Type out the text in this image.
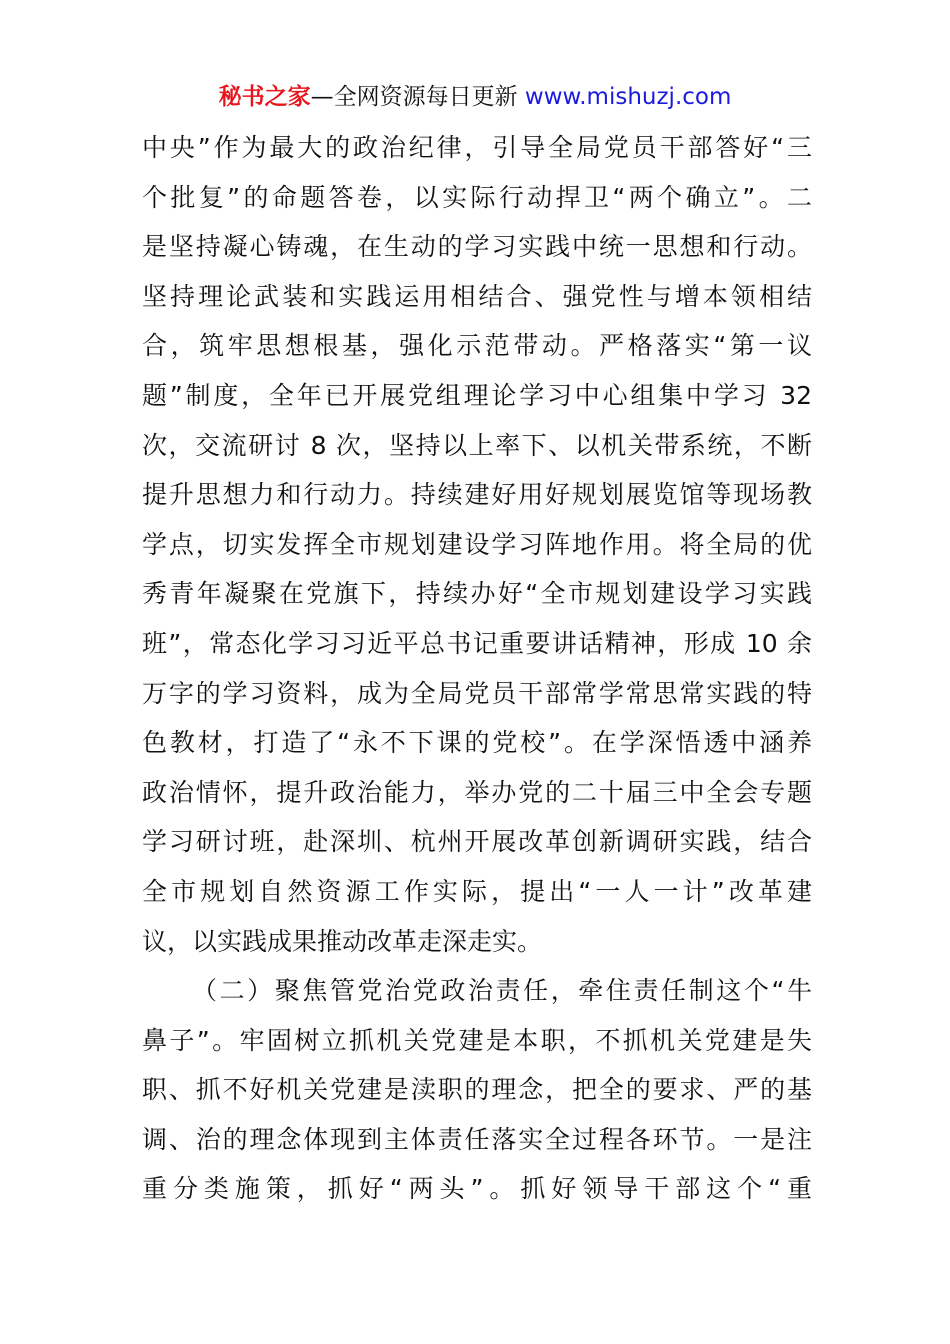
秘书之家—全网资源每日更新 www.mishuzj.com
中央”作为最大的政治纪律，引导全局党员干部答好“三
个批复”的命题答卷，以实际行动捍卫“两个确立”。二
是坚持凝心铸魂，在生动的学习实践中统一思想和行动。
坚持理论武装和实践运用相结合、强党性与增本领相结
合，筑牢思想根基，强化示范带动。严格落实“第一议
题”制度，全年已开展党组理论学习中心组集中学习 32
次，交流研讨 8 次，坚持以上率下、以机关带系统，不断
提升思想力和行动力。持续建好用好规划展览馆等现场教
学点，切实发挥全市规划建设学习阵地作用。将全局的优
秀青年凝聚在党旗下，持续办好“全市规划建设学习实践
班”，常态化学习习近平总书记重要讲话精神，形成 10 余
万字的学习资料，成为全局党员干部常学常思常实践的特
色教材，打造了“永不下课的党校”。在学深悟透中涵养
政治情怀，提升政治能力，举办党的二十届三中全会专题
学习研讨班，赴深圳、杭州开展改革创新调研实践，结合
全市规划自然资源工作实际，提出“一人一计”改革建
议，以实践成果推动改革走深走实。
（二）聚焦管党治党政治责任，牵住责任制这个“牛
鼻子”。牢固树立抓机关党建是本职，不抓机关党建是失
职、抓不好机关党建是渎职的理念，把全的要求、严的基
调、治的理念体现到主体责任落实全过程各环节。一是注
重分类施策，抓好“两头”。抓好领导干部这个“重
